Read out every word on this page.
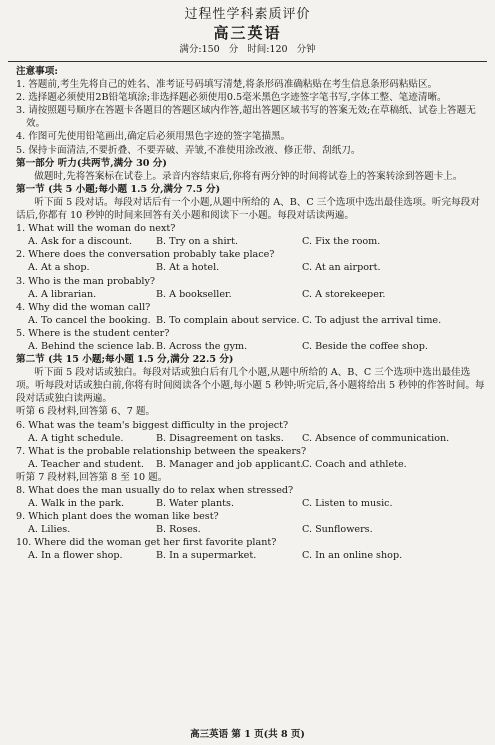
过程性学科素质评价
高三英语
满分:150 分 时间:120 分钟

注意事项:

1. 答题前,考生先将自己的姓名、准考证号码填写清楚,将条形码准确粘贴在考生信息条形码粘贴区。

2. 选择题必须使用2B铅笔填涂;非选择题必须使用0.5毫米黑色字迹签字笔书写,字体工整、笔迹清晰。

3. 请按照题号顺序在答题卡各题目的答题区域内作答,超出答题区域书写的答案无效;在草稿纸、试卷上答题无效。

4. 作图可先使用铅笔画出,确定后必须用黑色字迹的签字笔描黑。

5. 保持卡面清洁,不要折叠、不要弄破、弄皱,不准使用涂改液、修正带、刮纸刀。

第一部分 听力(共两节,满分 30 分)

做题时,先将答案标在试卷上。录音内容结束后,你将有两分钟的时间将试卷上的答案转涂到答题卡上。

第一节 (共 5 小题;每小题 1.5 分,满分 7.5 分)

听下面 5 段对话。每段对话后有一个小题,从题中所给的 A、B、C 三个选项中选出最佳选项。听完每段对话后,你都有 10 秒钟的时间来回答有关小题和阅读下一小题。每段对话读两遍。

1. What will the woman do next?

A. Ask for a discount.	B. Try on a shirt.	C. Fix the room.

2. Where does the conversation probably take place?

A. At a shop.	B. At a hotel.	C. At an airport.

3. Who is the man probably?

A. A librarian.	B. A bookseller.	C. A storekeeper.

4. Why did the woman call?

A. To cancel the booking. B. To complain about service. C. To adjust the arrival time.

5. Where is the student center?

A. Behind the science lab. B. Across the gym.	C. Beside the coffee shop.

第二节 (共 15 小题;每小题 1.5 分,满分 22.5 分)

听下面 5 段对话或独白。每段对话或独白后有几个小题,从题中所给的 A、B、C 三个选项中选出最佳选项。听每段对话或独白前,你将有时间阅读各个小题,每小题 5 秒钟;听完后,各小题将给出 5 秒钟的作答时间。每段对话或独白读两遍。

听第 6 段材料,回答第 6、7 题。

6. What was the team's biggest difficulty in the project?

A. A tight schedule.	B. Disagreement on tasks.	C. Absence of communication.

7. What is the probable relationship between the speakers?

A. Teacher and student.	B. Manager and job applicant.
C. Coach and athlete.

听第 7 段材料,回答第 8 至 10 题。

8. What does the man usually do to relax when stressed?

A. Walk in the park.	B. Water plants.	C. Listen to music.

9. Which plant does the woman like best?

A. Lilies.	B. Roses.	C. Sunflowers.

10. Where did the woman get her first favorite plant?

A. In a flower shop.	B. In a supermarket.	C. In an online shop.
高三英语 第 1 页(共 8 页)
